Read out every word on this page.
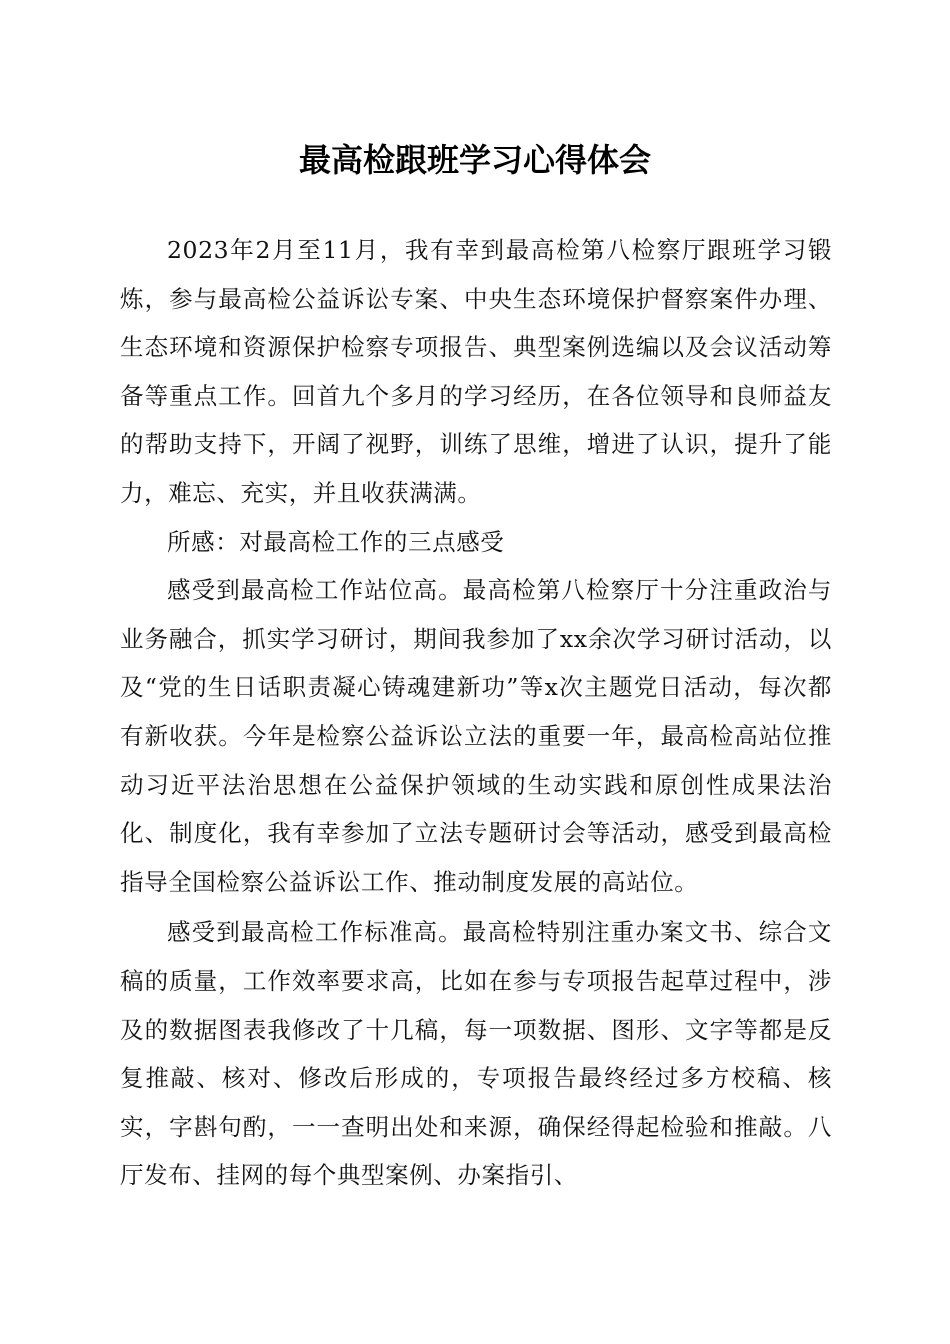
最高检跟班学习心得体会

2023年2月至11月，我有幸到最高检第八检察厅跟班学习锻炼，参与最高检公益诉讼专案、中央生态环境保护督察案件办理、生态环境和资源保护检察专项报告、典型案例选编以及会议活动筹备等重点工作。回首九个多月的学习经历，在各位领导和良师益友的帮助支持下，开阔了视野，训练了思维，增进了认识，提升了能力，难忘、充实，并且收获满满。

所感：对最高检工作的三点感受

感受到最高检工作站位高。最高检第八检察厅十分注重政治与业务融合，抓实学习研讨，期间我参加了xx余次学习研讨活动，以及“党的生日话职责凝心铸魂建新功”等x次主题党日活动，每次都有新收获。今年是检察公益诉讼立法的重要一年，最高检高站位推动习近平法治思想在公益保护领域的生动实践和原创性成果法治化、制度化，我有幸参加了立法专题研讨会等活动，感受到最高检指导全国检察公益诉讼工作、推动制度发展的高站位。

感受到最高检工作标准高。最高检特别注重办案文书、综合文稿的质量，工作效率要求高，比如在参与专项报告起草过程中，涉及的数据图表我修改了十几稿，每一项数据、图形、文字等都是反复推敲、核对、修改后形成的，专项报告最终经过多方校稿、核实，字斟句酌，一一查明出处和来源，确保经得起检验和推敲。八厅发布、挂网的每个典型案例、办案指引、
